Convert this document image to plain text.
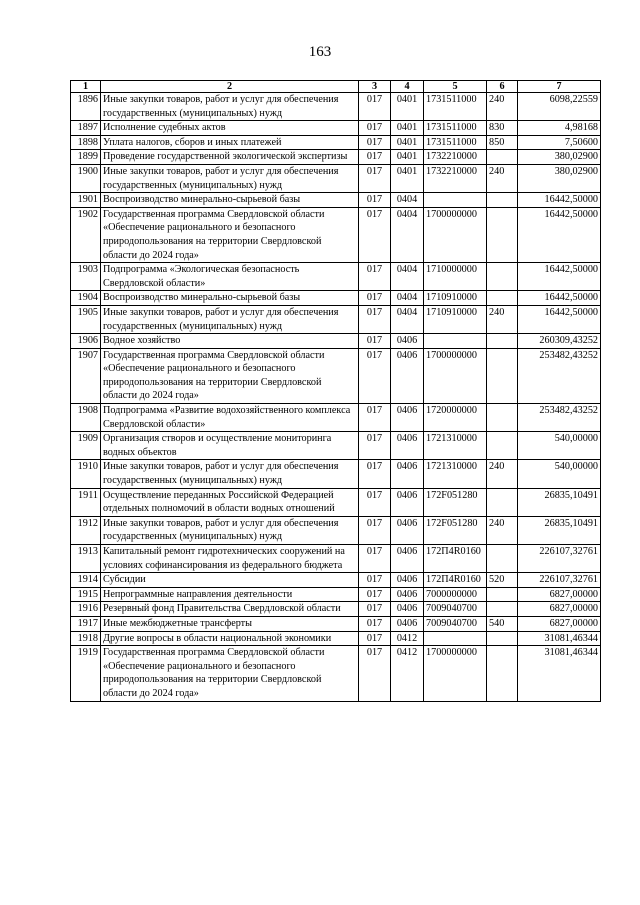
163
1	2	3	4	5	6	7
1896	Иные закупки товаров, работ и услуг для обеспечения государственных (муниципальных) нужд	017	0401	1731511000	240	6098,22559
1897	Исполнение судебных актов	017	0401	1731511000	830	4,98168
1898	Уплата налогов, сборов и иных платежей	017	0401	1731511000	850	7,50600
1899	Проведение государственной экологической экспертизы	017	0401	1732210000		380,02900
1900	Иные закупки товаров, работ и услуг для обеспечения государственных (муниципальных) нужд	017	0401	1732210000	240	380,02900
1901	Воспроизводство минерально-сырьевой базы	017	0404			16442,50000
1902	Государственная программа Свердловской области «Обеспечение рационального и безопасного природопользования на территории Свердловской области до 2024 года»	017	0404	1700000000		16442,50000
1903	Подпрограмма «Экологическая безопасность Свердловской области»	017	0404	1710000000		16442,50000
1904	Воспроизводство минерально-сырьевой базы	017	0404	1710910000		16442,50000
1905	Иные закупки товаров, работ и услуг для обеспечения государственных (муниципальных) нужд	017	0404	1710910000	240	16442,50000
1906	Водное хозяйство	017	0406			260309,43252
1907	Государственная программа Свердловской области «Обеспечение рационального и безопасного природопользования на территории Свердловской области до 2024 года»	017	0406	1700000000		253482,43252
1908	Подпрограмма «Развитие водохозяйственного комплекса Свердловской области»	017	0406	1720000000		253482,43252
1909	Организация створов и осуществление мониторинга водных объектов	017	0406	1721310000		540,00000
1910	Иные закупки товаров, работ и услуг для обеспечения государственных (муниципальных) нужд	017	0406	1721310000	240	540,00000
1911	Осуществление переданных Российской Федерацией отдельных полномочий в области водных отношений	017	0406	172F051280		26835,10491
1912	Иные закупки товаров, работ и услуг для обеспечения государственных (муниципальных) нужд	017	0406	172F051280	240	26835,10491
1913	Капитальный ремонт гидротехнических сооружений на условиях софинансирования из федерального бюджета	017	0406	172П4R0160		226107,32761
1914	Субсидии	017	0406	172П4R0160	520	226107,32761
1915	Непрограммные направления деятельности	017	0406	7000000000		6827,00000
1916	Резервный фонд Правительства Свердловской области	017	0406	7009040700		6827,00000
1917	Иные межбюджетные трансферты	017	0406	7009040700	540	6827,00000
1918	Другие вопросы в области национальной экономики	017	0412			31081,46344
1919	Государственная программа Свердловской области «Обеспечение рационального и безопасного природопользования на территории Свердловской области до 2024 года»	017	0412	1700000000		31081,46344
